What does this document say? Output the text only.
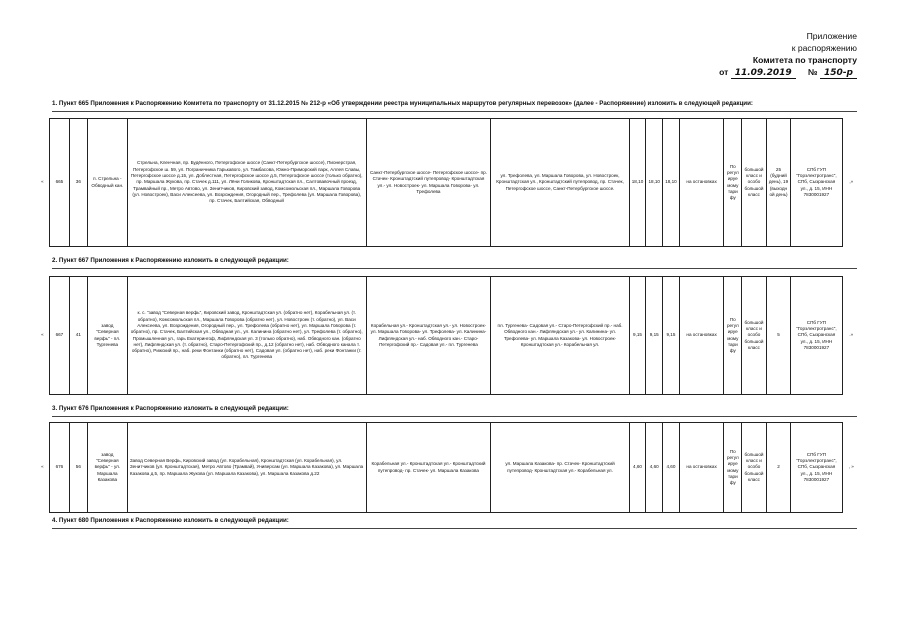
Приложение
к распоряжению
Комитета по транспорту
от 11.09.2019 № 150-р
1. Пункт 665 Приложения к Распоряжению Комитета по транспорту от 31.12.2015 № 212-р «Об утверждении реестра муниципальных маршрутов регулярных перевозок» (далее - Распоряжение) изложить в следующей редакции:
«	665	36	п. Стрельна - Обводный кан.	Стрельна, Кленчная, пр. Будённого, Петергофское шоссе (Санкт-Петербургское шоссе), Пионерстрая, Петергофское ш. 59, ул. Пограничника Гарькавого, ул. Тамбасова, Южно-Приморский парк, Аллея Славы, Петергофское шоссе д.15, ул. Доблестная, Петергофское шоссе д.5, Петергофское шоссе (только обратно), пр. Маршала Жукова, пр. Стачек д.111, ул. Лёни Голикова, Кронштадтская пл., Салтовавочный проезд, Трамвайный пр., Метро Автово, ул. Зенитчиков, Кировский завод, Комсомольская пл., Маршала Говорова (ул. Новостроек), Васи Алексеева, ул. Возрождения, Огородный пер., Трефолева (ул. Маршала Говорова), пр. Стачек, Балтийская, Обводный	Санкт-Петербургское шоссе- Петергофское шоссе- пр. Стачек- Кронштадтский путепровод- Кронштадтская ул.- ул. Новостроек- ул. Маршала Говорова- ул. Трефолева	ул. Трефолева, ул. Маршала Говорова, ул. Новостроек, Кронштадтская ул., Кронштадтский путепровод, пр. Стачек, Петергофское шоссе, Санкт-Петербургское шоссе.	18,10	18,10	18,10	на остановках	По регулируемому тарифу	большой класс и особо большой класс	25 (будний день), 19 (выходной день)	СПб ГУП "Горэлектротранс", СПб, Сызранская ул., д. 15, ИНН 7830001927	,»
2. Пункт 667 Приложения к Распоряжению изложить в следующей редакции:
«	667	41	завод "Северная верфь" - пл. Тургенева	к. с. "завод "Северная верфь", Кировский завод, Кронштадтская ул. (обратно нет), Корабельная ул. (т. обратно), Комсомольская пл., Маршала Говорова (обратно нет), ул. Новостроек (т. обратно), ул. Васи Алексеева, ул. Возрождения, Огородный пер., ул. Трефолева (обратно нет), ул. Маршала Говорова (т. обратно), пр. Стачек, Балтийская ул., Обводная ул., ул. Калинина (обратно нет), ул. Трефолева (т. обратно), Промышленная ул., гарь Екатерингоф, Лифляндская ул. 3 (только обратно), наб. Обводного кан. (обратно нет), Лифляндская ул. (т. обратно), Старо-Петергофский пр., д.12 (обратно нет), наб. Обводного канала т. обратно), Рижский пр., наб. реки Фонтанки (обратно нет), Садовая ул. (обратно нет), наб. реки Фонтанки (т. обратно), пл. Тургенева	Корабельная ул.- Кронштадтская ул.- ул. Новостроек- ул. Маршала Говорова- ул. Трефолева- ул. Калинина- Лифляндская ул.- наб. Обводного кан.- Старо-Петергофский пр.- Садовая ул.- пл. Тургенева	пл. Тургенева- Садовая ул.- Старо-Петергофский пр.- наб. Обводного кан.- Лифляндская ул.- ул. Калинина- ул. Трефолева- ул. Маршала Казакова- ул. Новостроек- Кронштадтская ул.- Корабельная ул.	9,15	9,15	9,15	на остановках	По регулируемому тарифу	большой класс и особо большой класс	5	СПб ГУП "Горэлектротранс", СПб, Сызранская ул., д. 15, ИНН 7830001927	.»
3. Пункт 676 Приложения к Распоряжению изложить в следующей редакции:
«	676	56	завод "Северная верфь" - ул. Маршала Казакова	Завод Северная Верфь, Кировский завод (ул. Корабельная), Кронштадтская (ул. Корабельная), ул. Зенитчиков (ул. Кронштадтская), Метро Автово (Трамвай), Универсам (ул. Маршала Казакова), ул. Маршала Казакова д.5, пр. Маршала Жукова (ул. Маршала Казакова), ул. Маршала Казакова д.22	Корабельная ул.- Кронштадтская ул.- Кронштадтский путепровод- пр. Стачек- ул. Маршала Казакова	ул. Маршала Казакова- пр. Стачек- Кронштадтский путепровод- Кронштадтская ул.- Корабельная ул.	4,60	4,60	4,60	на остановках	По регулируемому тарифу	большой класс и особо большой класс	2	СПб ГУП "Горэлектротранс", СПб, Сызранская ул., д. 15, ИНН 7830001927	, »
4. Пункт 680 Приложения к Распоряжению изложить в следующей редакции:
